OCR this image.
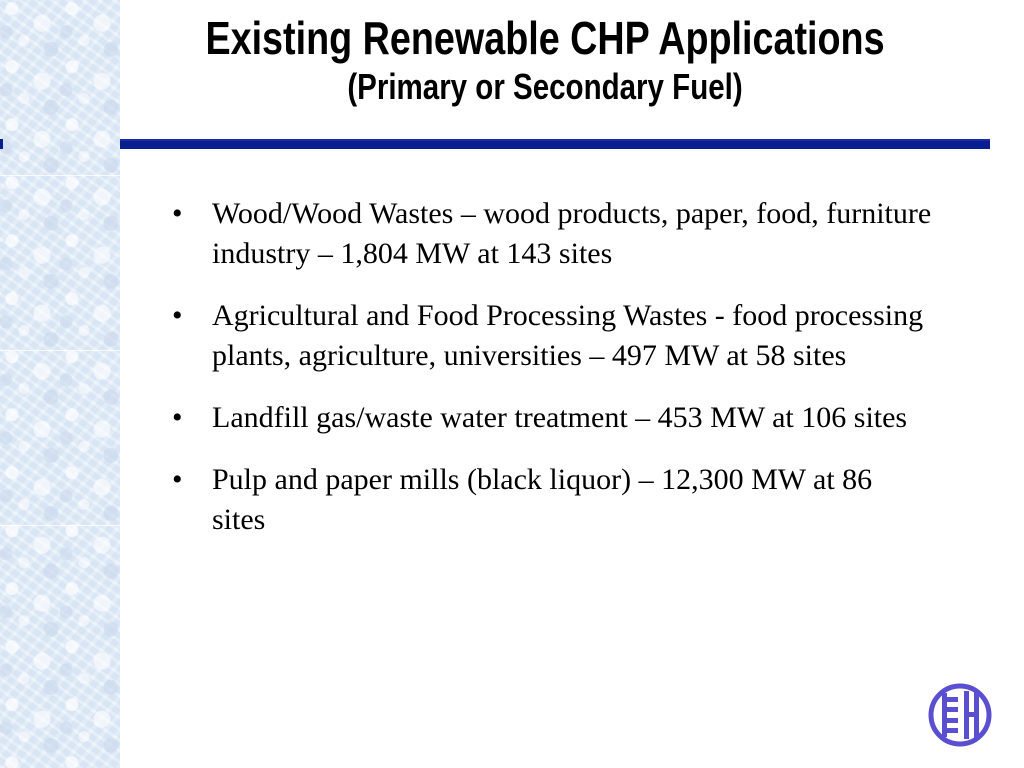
Existing Renewable CHP Applications
(Primary or Secondary Fuel)
• Wood/Wood Wastes – wood products, paper, food, furniture industry – 1,804 MW at 143 sites
• Agricultural and Food Processing Wastes - food processing plants, agriculture, universities – 497 MW at 58 sites
• Landfill gas/waste water treatment – 453 MW at 106 sites
• Pulp and paper mills (black liquor) – 12,300 MW at 86 sites
